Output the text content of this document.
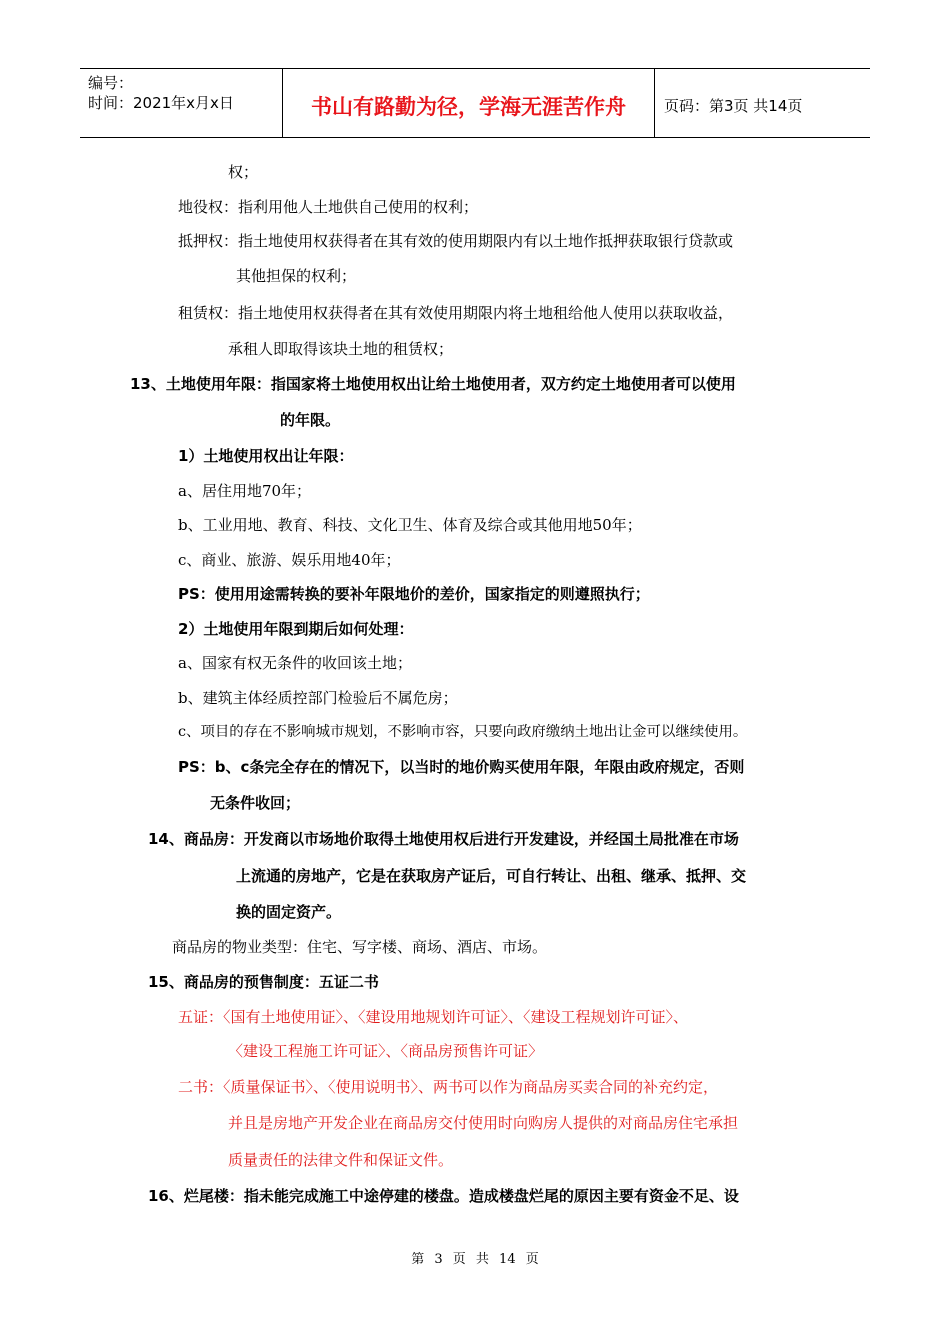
编号：
时间：2021年x月x日	书山有路勤为径，学海无涯苦作舟	页码：第3页 共14页
权；
地役权：指利用他人土地供自己使用的权利；
抵押权：指土地使用权获得者在其有效的使用期限内有以土地作抵押获取银行贷款或
其他担保的权利；
租赁权：指土地使用权获得者在其有效使用期限内将土地租给他人使用以获取收益，
承租人即取得该块土地的租赁权；
13、土地使用年限：指国家将土地使用权出让给土地使用者，双方约定土地使用者可以使用
的年限。
1）土地使用权出让年限：
a、居住用地70年；
b、工业用地、教育、科技、文化卫生、体育及综合或其他用地50年；
c、商业、旅游、娱乐用地40年；
PS：使用用途需转换的要补年限地价的差价，国家指定的则遵照执行；
2）土地使用年限到期后如何处理：
a、国家有权无条件的收回该土地；
b、建筑主体经质控部门检验后不属危房；
c、项目的存在不影响城市规划，不影响市容，只要向政府缴纳土地出让金可以继续使用。
PS：b、c条完全存在的情况下，以当时的地价购买使用年限，年限由政府规定，否则
无条件收回；
14、商品房：开发商以市场地价取得土地使用权后进行开发建设，并经国土局批准在市场
上流通的房地产，它是在获取房产证后，可自行转让、出租、继承、抵押、交
换的固定资产。
商品房的物业类型：住宅、写字楼、商场、酒店、市场。
15、商品房的预售制度：五证二书
五证：〈国有土地使用证〉、〈建设用地规划许可证〉、〈建设工程规划许可证〉、
〈建设工程施工许可证〉、〈商品房预售许可证〉
二书：〈质量保证书〉、〈使用说明书〉、两书可以作为商品房买卖合同的补充约定，
并且是房地产开发企业在商品房交付使用时向购房人提供的对商品房住宅承担
质量责任的法律文件和保证文件。
16、烂尾楼：指未能完成施工中途停建的楼盘。造成楼盘烂尾的原因主要有资金不足、设
第 3 页 共 14 页
